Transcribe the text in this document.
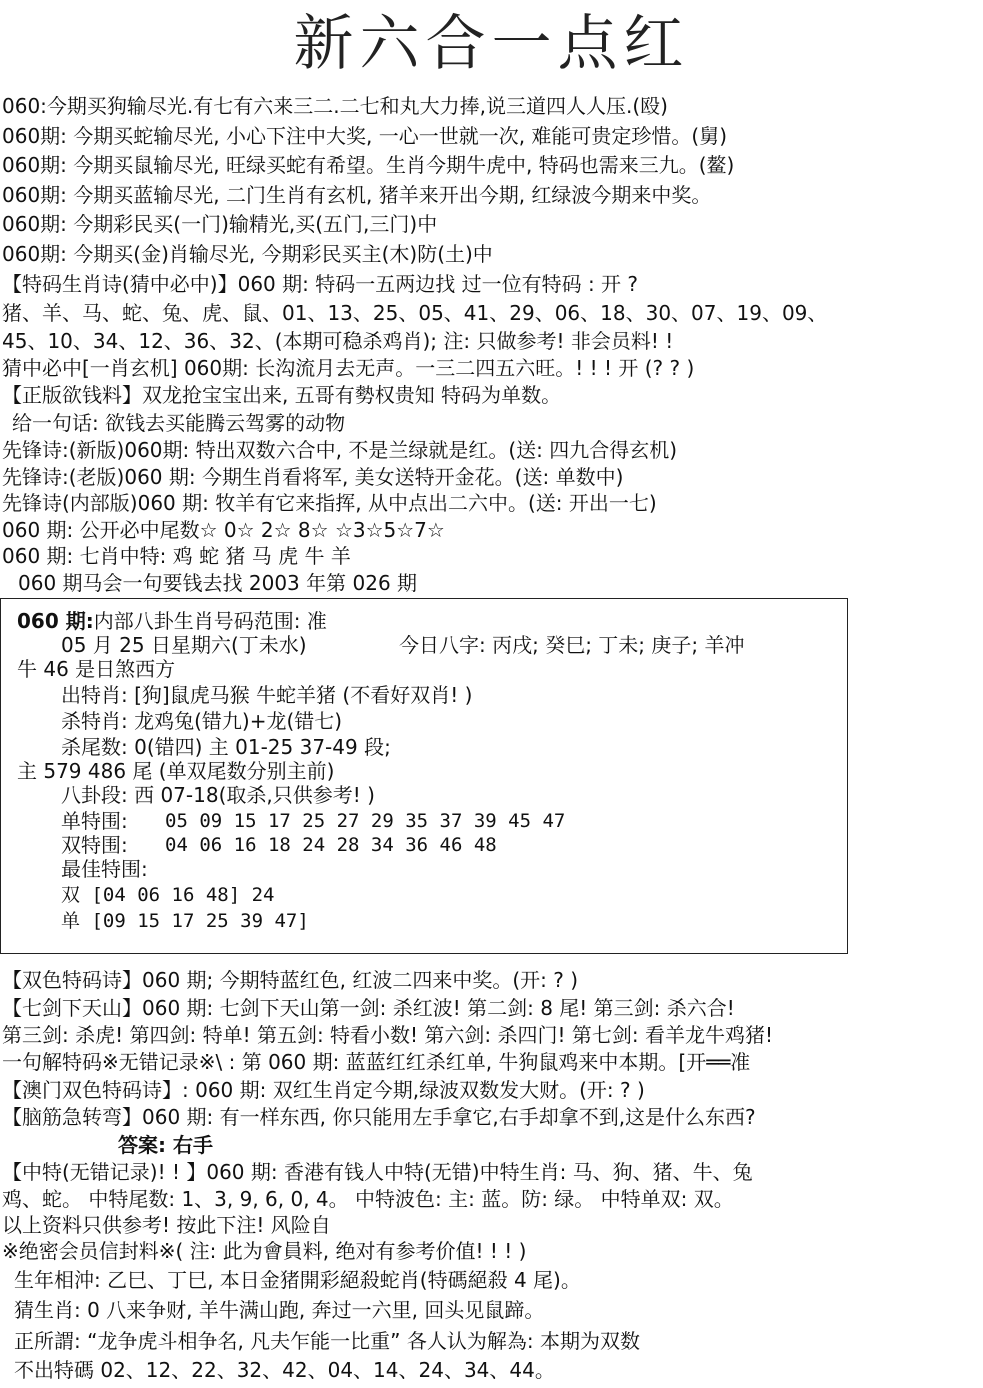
新六合一点红
060:今期买狗输尽光.有七有六来三二.二七和丸大力捧,说三道四人人压.(殴)
060期: 今期买蛇输尽光, 小心下注中大奖, 一心一世就一次, 难能可贵定珍惜。(舅)
060期: 今期买鼠输尽光, 旺绿买蛇有希望。生肖今期牛虎中, 特码也需来三九。(鳌)
060期: 今期买蓝输尽光, 二门生肖有玄机, 猪羊来开出今期, 红绿波今期来中奖。
060期: 今期彩民买(一门)输精光,买(五门,三门)中
060期: 今期买(金)肖输尽光, 今期彩民买主(木)防(土)中
【特码生肖诗(猜中必中)】060 期: 特码一五两边找 过一位有特码 : 开 ?
猪、羊、马、蛇、兔、虎、鼠、01、13、25、05、41、29、06、18、30、07、19、09、
45、10、34、12、36、32、(本期可稳杀鸡肖); 注: 只做参考! 非会员料! !
猜中必中[一肖玄机] 060期: 长沟流月去无声。一三二四五六旺。! ! ! 开 (? ? )
【正版欲钱料】双龙抢宝宝出来, 五哥有勢权贵知 特码为单数。
给一句话: 欲钱去买能腾云驾雾的动物
先锋诗:(新版)060期: 特出双数六合中, 不是兰绿就是红。(送: 四九合得玄机)
先锋诗:(老版)060 期: 今期生肖看将军, 美女送特开金花。(送: 单数中)
先锋诗(内部版)060 期: 牧羊有它来指挥, 从中点出二六中。(送: 开出一七)
060 期: 公开必中尾数☆ 0☆ 2☆ 8☆ ☆3☆5☆7☆
060 期: 七肖中特: 鸡 蛇 猪 马 虎 牛 羊
060 期马会一句要钱去找 2003 年第 026 期
060 期:内部八卦生肖号码范围: 准
05 月 25 日星期六(丁未水)	今日八字: 丙戌; 癸巳; 丁未; 庚子; 羊冲
牛 46 是日煞西方
出特肖: [狗]鼠虎马猴 牛蛇羊猪 (不看好双肖! )
杀特肖: 龙鸡兔(错九)+龙(错七)
杀尾数: 0(错四) 主 01-25 37-49 段;
主 579 486 尾 (单双尾数分别主前)
八卦段: 西 07-18(取杀,只供参考! )
单特围: 05 09 15 17 25 27 29 35 37 39 45 47
双特围: 04 06 16 18 24 28 34 36 46 48
最佳特围:
双 [04 06 16 48] 24
单 [09 15 17 25 39 47]
【双色特码诗】060 期; 今期特蓝红色, 红波二四来中奖。(开: ? )
【七剑下天山】060 期: 七剑下天山第一剑: 杀红波! 第二剑: 8 尾! 第三剑: 杀六合!
第三剑: 杀虎! 第四剑: 特单! 第五剑: 特看小数! 第六剑: 杀四门! 第七剑: 看羊龙牛鸡猪!
一句解特码※无错记录※\ : 第 060 期: 蓝蓝红红杀红单, 牛狗鼠鸡来中本期。[开══准
【澳门双色特码诗】: 060 期: 双红生肖定今期,绿波双数发大财。(开: ? )
【脑筋急转弯】060 期: 有一样东西, 你只能用左手拿它,右手却拿不到,这是什么东西?
答案: 右手
【中特(无错记录)! ! 】060 期: 香港有钱人中特(无错)中特生肖: 马、狗、猪、牛、兔
鸡、蛇。 中特尾数: 1、3, 9, 6, 0, 4。 中特波色: 主: 蓝。防: 绿。 中特单双: 双。
以上资料只供参考! 按此下注! 风险自
※绝密会员信封料※( 注: 此为會員料, 绝对有参考价值! ! ! )
生年相沖: 乙巳、丁巳, 本日金猪開彩絕殺蛇肖(特碼絕殺 4 尾)。
猜生肖: 0 八来争财, 羊牛满山跑, 奔过一六里, 回头见鼠蹄。
正所謂: “龙争虎斗相争名, 凡夫乍能一比重” 各人认为解為: 本期为双数
不出特碼 02、12、22、32、42、04、14、24、34、44。
